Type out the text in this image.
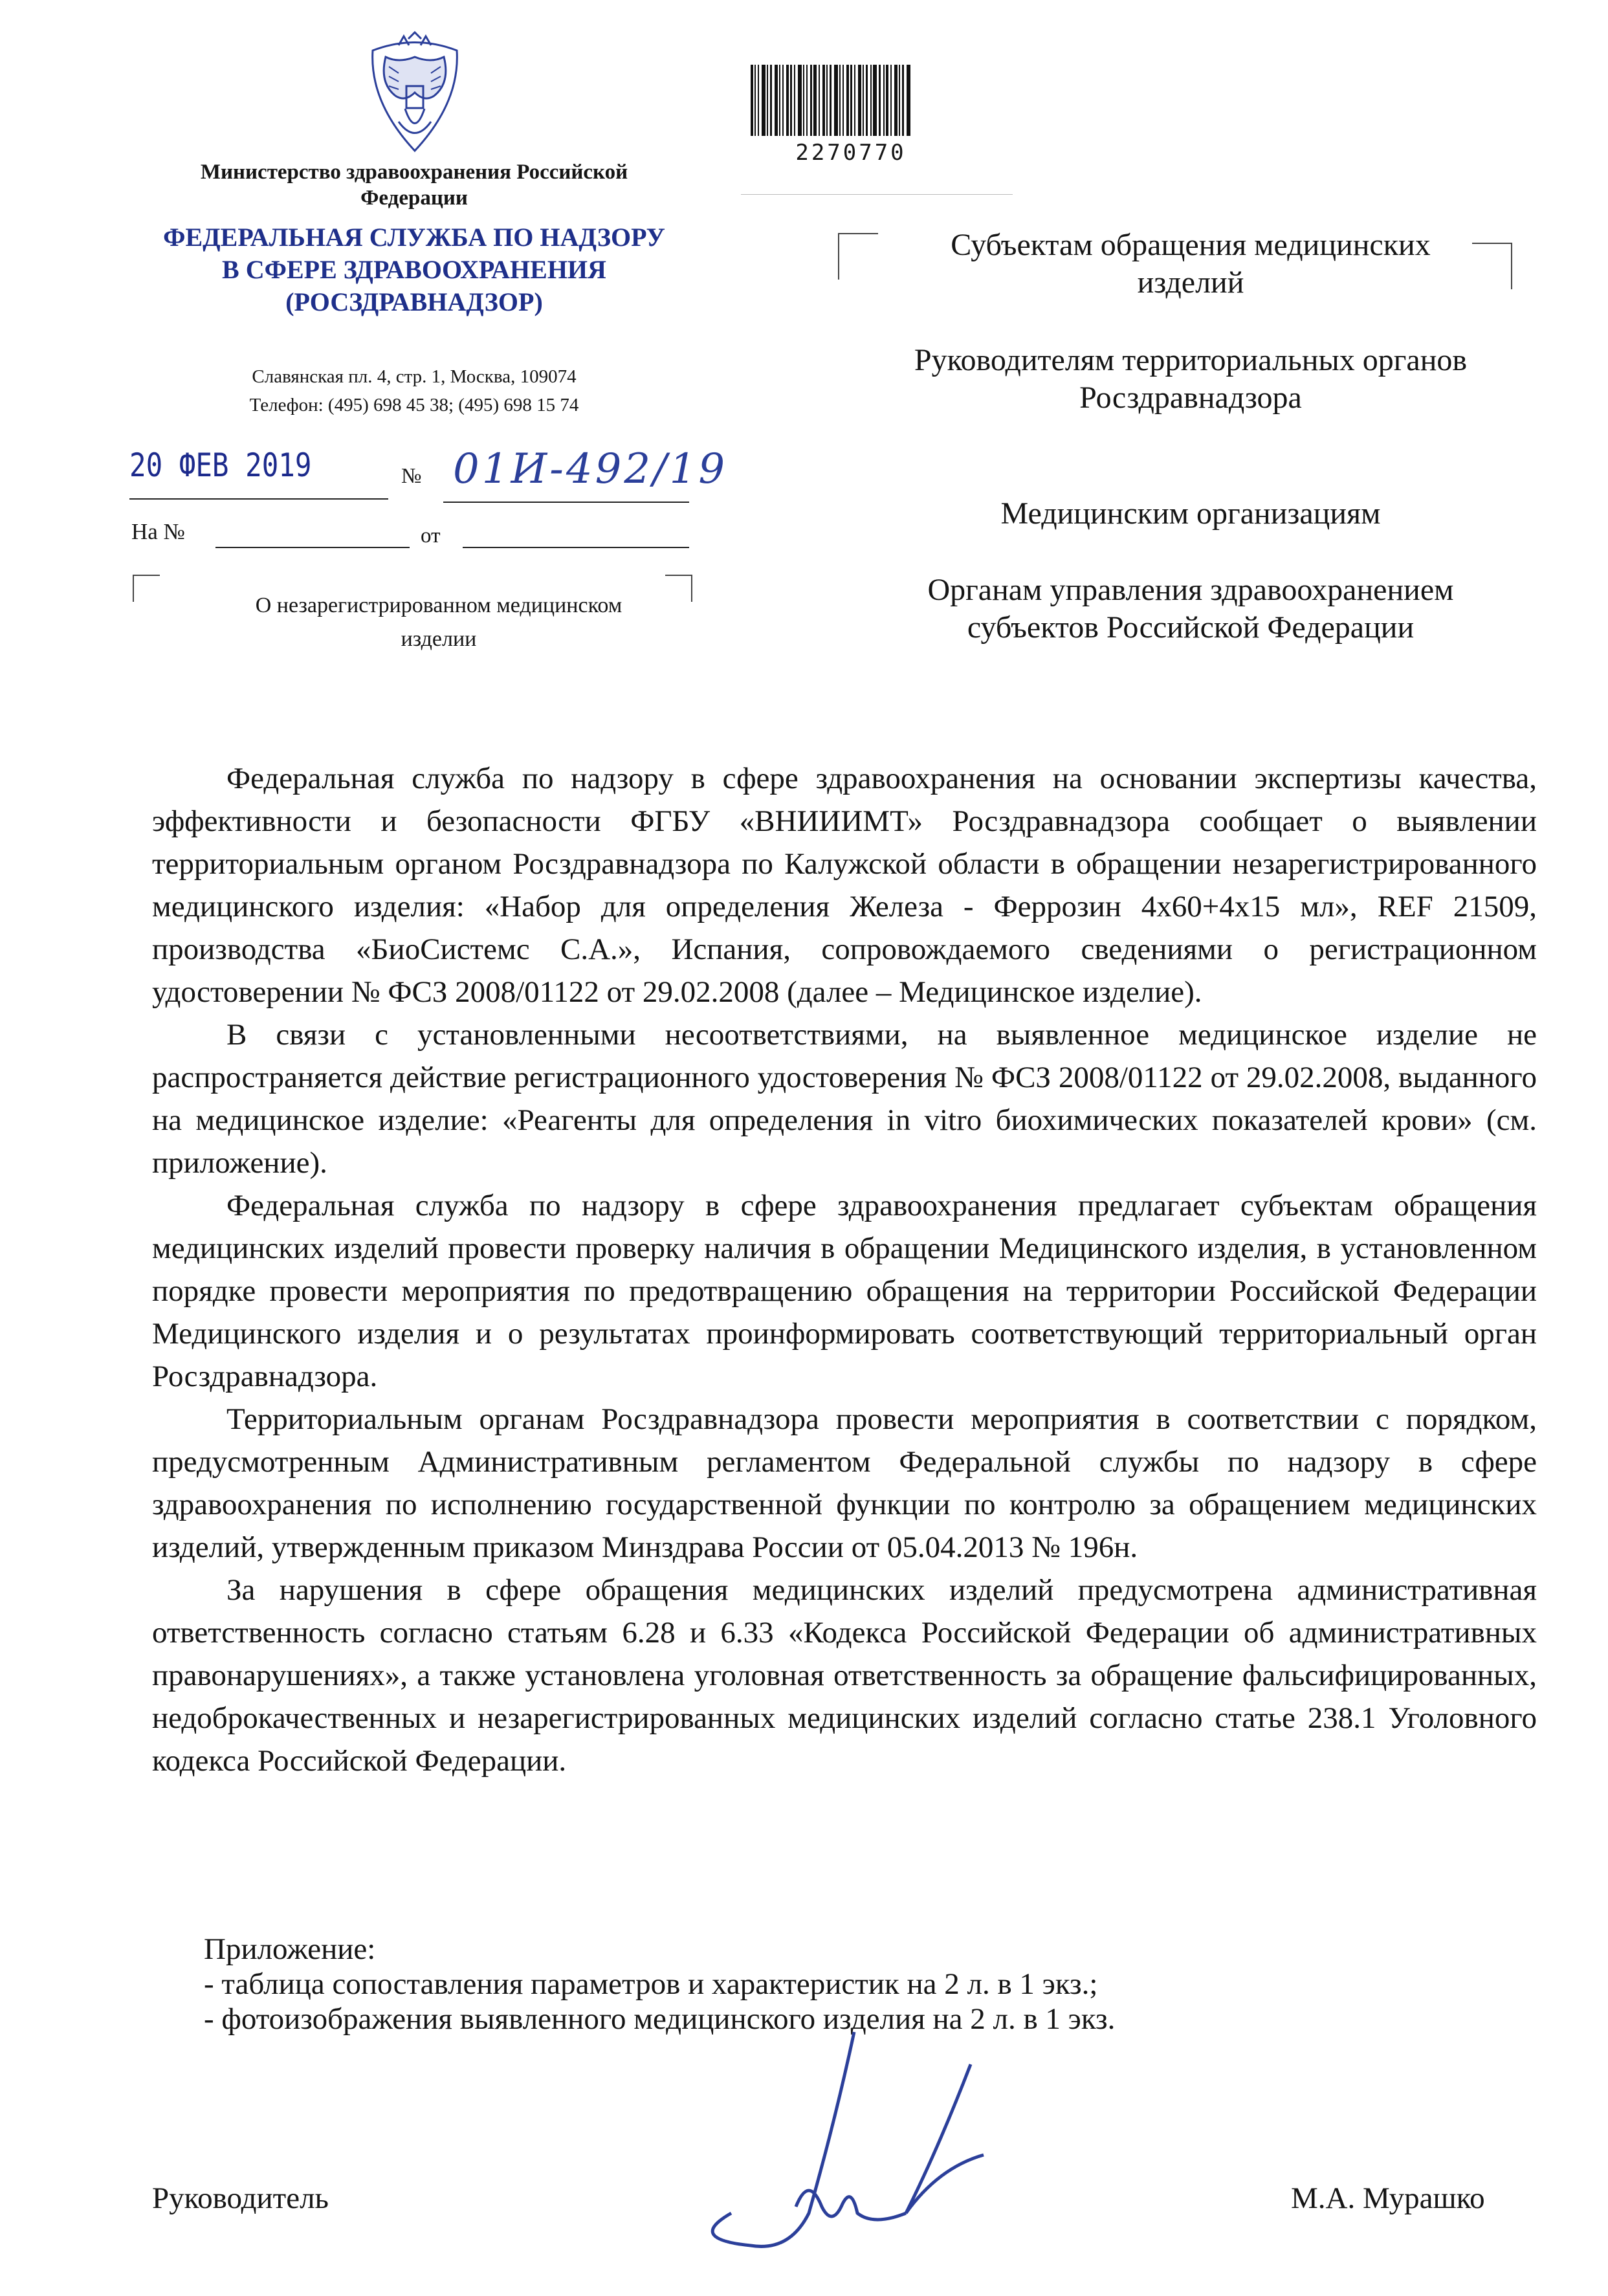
Министерство здравоохранения Российской Федерации
ФЕДЕРАЛЬНАЯ СЛУЖБА ПО НАДЗОРУ
В СФЕРЕ ЗДРАВООХРАНЕНИЯ
(РОСЗДРАВНАДЗОР)
Славянская пл. 4, стр. 1, Москва, 109074
Телефон: (495) 698 45 38; (495) 698 15 74
20 ФЕВ 2019	№ 01И-492/19
На №	от
О незарегистрированном медицинском изделии
2270770
Субъектам обращения медицинских изделий
Руководителям территориальных органов Росздравнадзора
Медицинским организациям
Органам управления здравоохранением субъектов Российской Федерации

Федеральная служба по надзору в сфере здравоохранения на основании экспертизы качества, эффективности и безопасности ФГБУ «ВНИИИМТ» Росздравнадзора сообщает о выявлении территориальным органом Росздравнадзора по Калужской области в обращении незарегистрированного медицинского изделия: «Набор для определения Железа - Феррозин 4x60+4x15 мл», REF 21509, производства «БиоСистемс С.А.», Испания, сопровождаемого сведениями о регистрационном удостоверении № ФСЗ 2008/01122 от 29.02.2008 (далее – Медицинское изделие).

В связи с установленными несоответствиями, на выявленное медицинское изделие не распространяется действие регистрационного удостоверения № ФСЗ 2008/01122 от 29.02.2008, выданного на медицинское изделие: «Реагенты для определения in vitro биохимических показателей крови» (см. приложение).

Федеральная служба по надзору в сфере здравоохранения предлагает субъектам обращения медицинских изделий провести проверку наличия в обращении Медицинского изделия, в установленном порядке провести мероприятия по предотвращению обращения на территории Российской Федерации Медицинского изделия и о результатах проинформировать соответствующий территориальный орган Росздравнадзора.

Территориальным органам Росздравнадзора провести мероприятия в соответствии с порядком, предусмотренным Административным регламентом Федеральной службы по надзору в сфере здравоохранения по исполнению государственной функции по контролю за обращением медицинских изделий, утвержденным приказом Минздрава России от 05.04.2013 № 196н.

За нарушения в сфере обращения медицинских изделий предусмотрена административная ответственность согласно статьям 6.28 и 6.33 «Кодекса Российской Федерации об административных правонарушениях», а также установлена уголовная ответственность за обращение фальсифицированных, недоброкачественных и незарегистрированных медицинских изделий согласно статье 238.1 Уголовного кодекса Российской Федерации.

Приложение:
- таблица сопоставления параметров и характеристик на 2 л. в 1 экз.;
- фотоизображения выявленного медицинского изделия на 2 л. в 1 экз.
Руководитель	М.А. Мурашко
